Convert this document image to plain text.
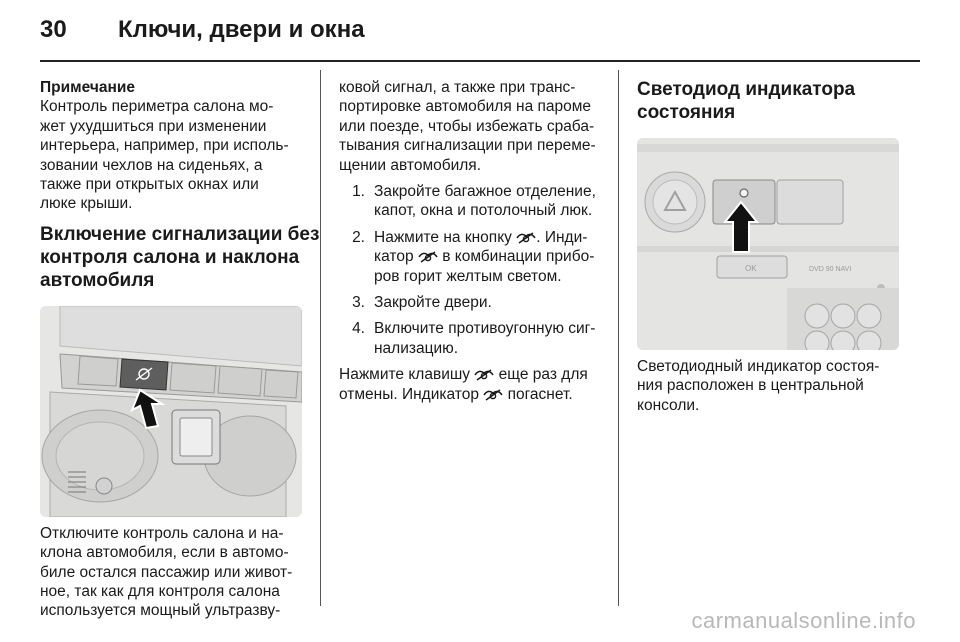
30	Ключи, двери и окна
Примечание
Контроль периметра салона мо-
жет ухудшиться при изменении
интерьера, например, при исполь-
зовании чехлов на сиденьях, а
также при открытых окнах или
люке крыши.
Включение сигнализации без
контроля салона и наклона
автомобиля
Отключите контроль салона и на-
клона автомобиля, если в автомо-
биле остался пассажир или живот-
ное, так как для контроля салона
используется мощный ультразву-
ковой сигнал, а также при транс-
портировке автомобиля на пароме
или поезде, чтобы избежать сраба-
тывания сигнализации при переме-
щении автомобиля.
1. Закройте багажное отделение,
капот, окна и потолочный люк.
2. Нажмите на кнопку . Инди-
катор в комбинации прибо-
ров горит желтым светом.
3. Закройте двери.
4. Включите противоугонную сиг-
нализацию.
Нажмите клавишу еще раз для
отмены. Индикатор погаснет.
Светодиод индикатора
состояния
OK	DVD 90 NAVI
Светодиодный индикатор состоя-
ния расположен в центральной
консоли.
carmanualsonline.info
